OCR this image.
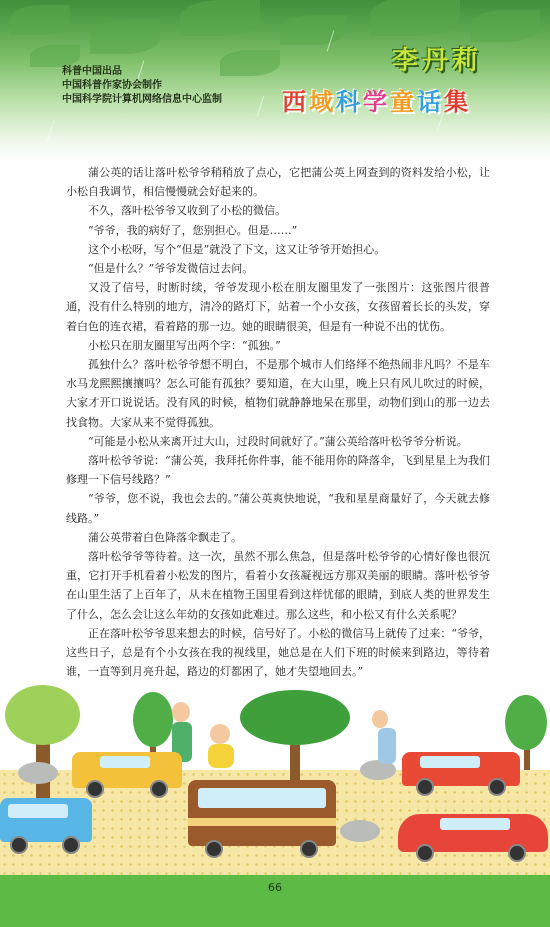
科普中国出品
中国科普作家协会制作
中国科学院计算机网络信息中心监制
李丹莉
西域科学童话集

蒲公英的话让落叶松爷爷稍稍放了点心，它把蒲公英上网查到的资料发给小松，让小松自我调节，相信慢慢就会好起来的。

不久，落叶松爷爷又收到了小松的微信。

“爷爷，我的病好了，您别担心。但是……”

这个小松呀，写个“但是”就没了下文，这又让爷爷开始担心。

“但是什么？”爷爷发微信过去问。

又没了信号，时断时续，爷爷发现小松在朋友圈里发了一张图片：这张图片很普通，没有什么特别的地方，清冷的路灯下，站着一个小女孩，女孩留着长长的头发，穿着白色的连衣裙，看着路的那一边。她的眼睛很美，但是有一种说不出的忧伤。

小松只在朋友圈里写出两个字：“孤独。”

孤独什么？落叶松爷爷想不明白，不是那个城市人们络绎不绝热闹非凡吗？不是车水马龙熙熙攘攘吗？怎么可能有孤独？要知道，在大山里，晚上只有风儿吹过的时候，大家才开口说说话。没有风的时候，植物们就静静地呆在那里，动物们到山的那一边去找食物。大家从来不觉得孤独。

“可能是小松从来离开过大山，过段时间就好了。”蒲公英给落叶松爷爷分析说。

落叶松爷爷说：“蒲公英，我拜托你件事，能不能用你的降落伞，飞到星星上为我们修理一下信号线路？”

“爷爷，您不说，我也会去的。”蒲公英爽快地说，“我和星星商量好了，今天就去修线路。”

蒲公英带着白色降落伞飘走了。

落叶松爷爷等待着。这一次，虽然不那么焦急，但是落叶松爷爷的心情好像也很沉重，它打开手机看着小松发的图片，看着小女孩凝视远方那双美丽的眼睛。落叶松爷爷在山里生活了上百年了，从未在植物王国里看到这样忧郁的眼睛，到底人类的世界发生了什么，怎么会让这么年幼的女孩如此难过。那么这些，和小松又有什么关系呢？

正在落叶松爷爷思来想去的时候，信号好了。小松的微信马上就传了过来：“爷爷，这些日子，总是有个小女孩在我的视线里，她总是在人们下班的时候来到路边，等待着谁，一直等到月亮升起，路边的灯都困了，她才失望地回去。”

66
